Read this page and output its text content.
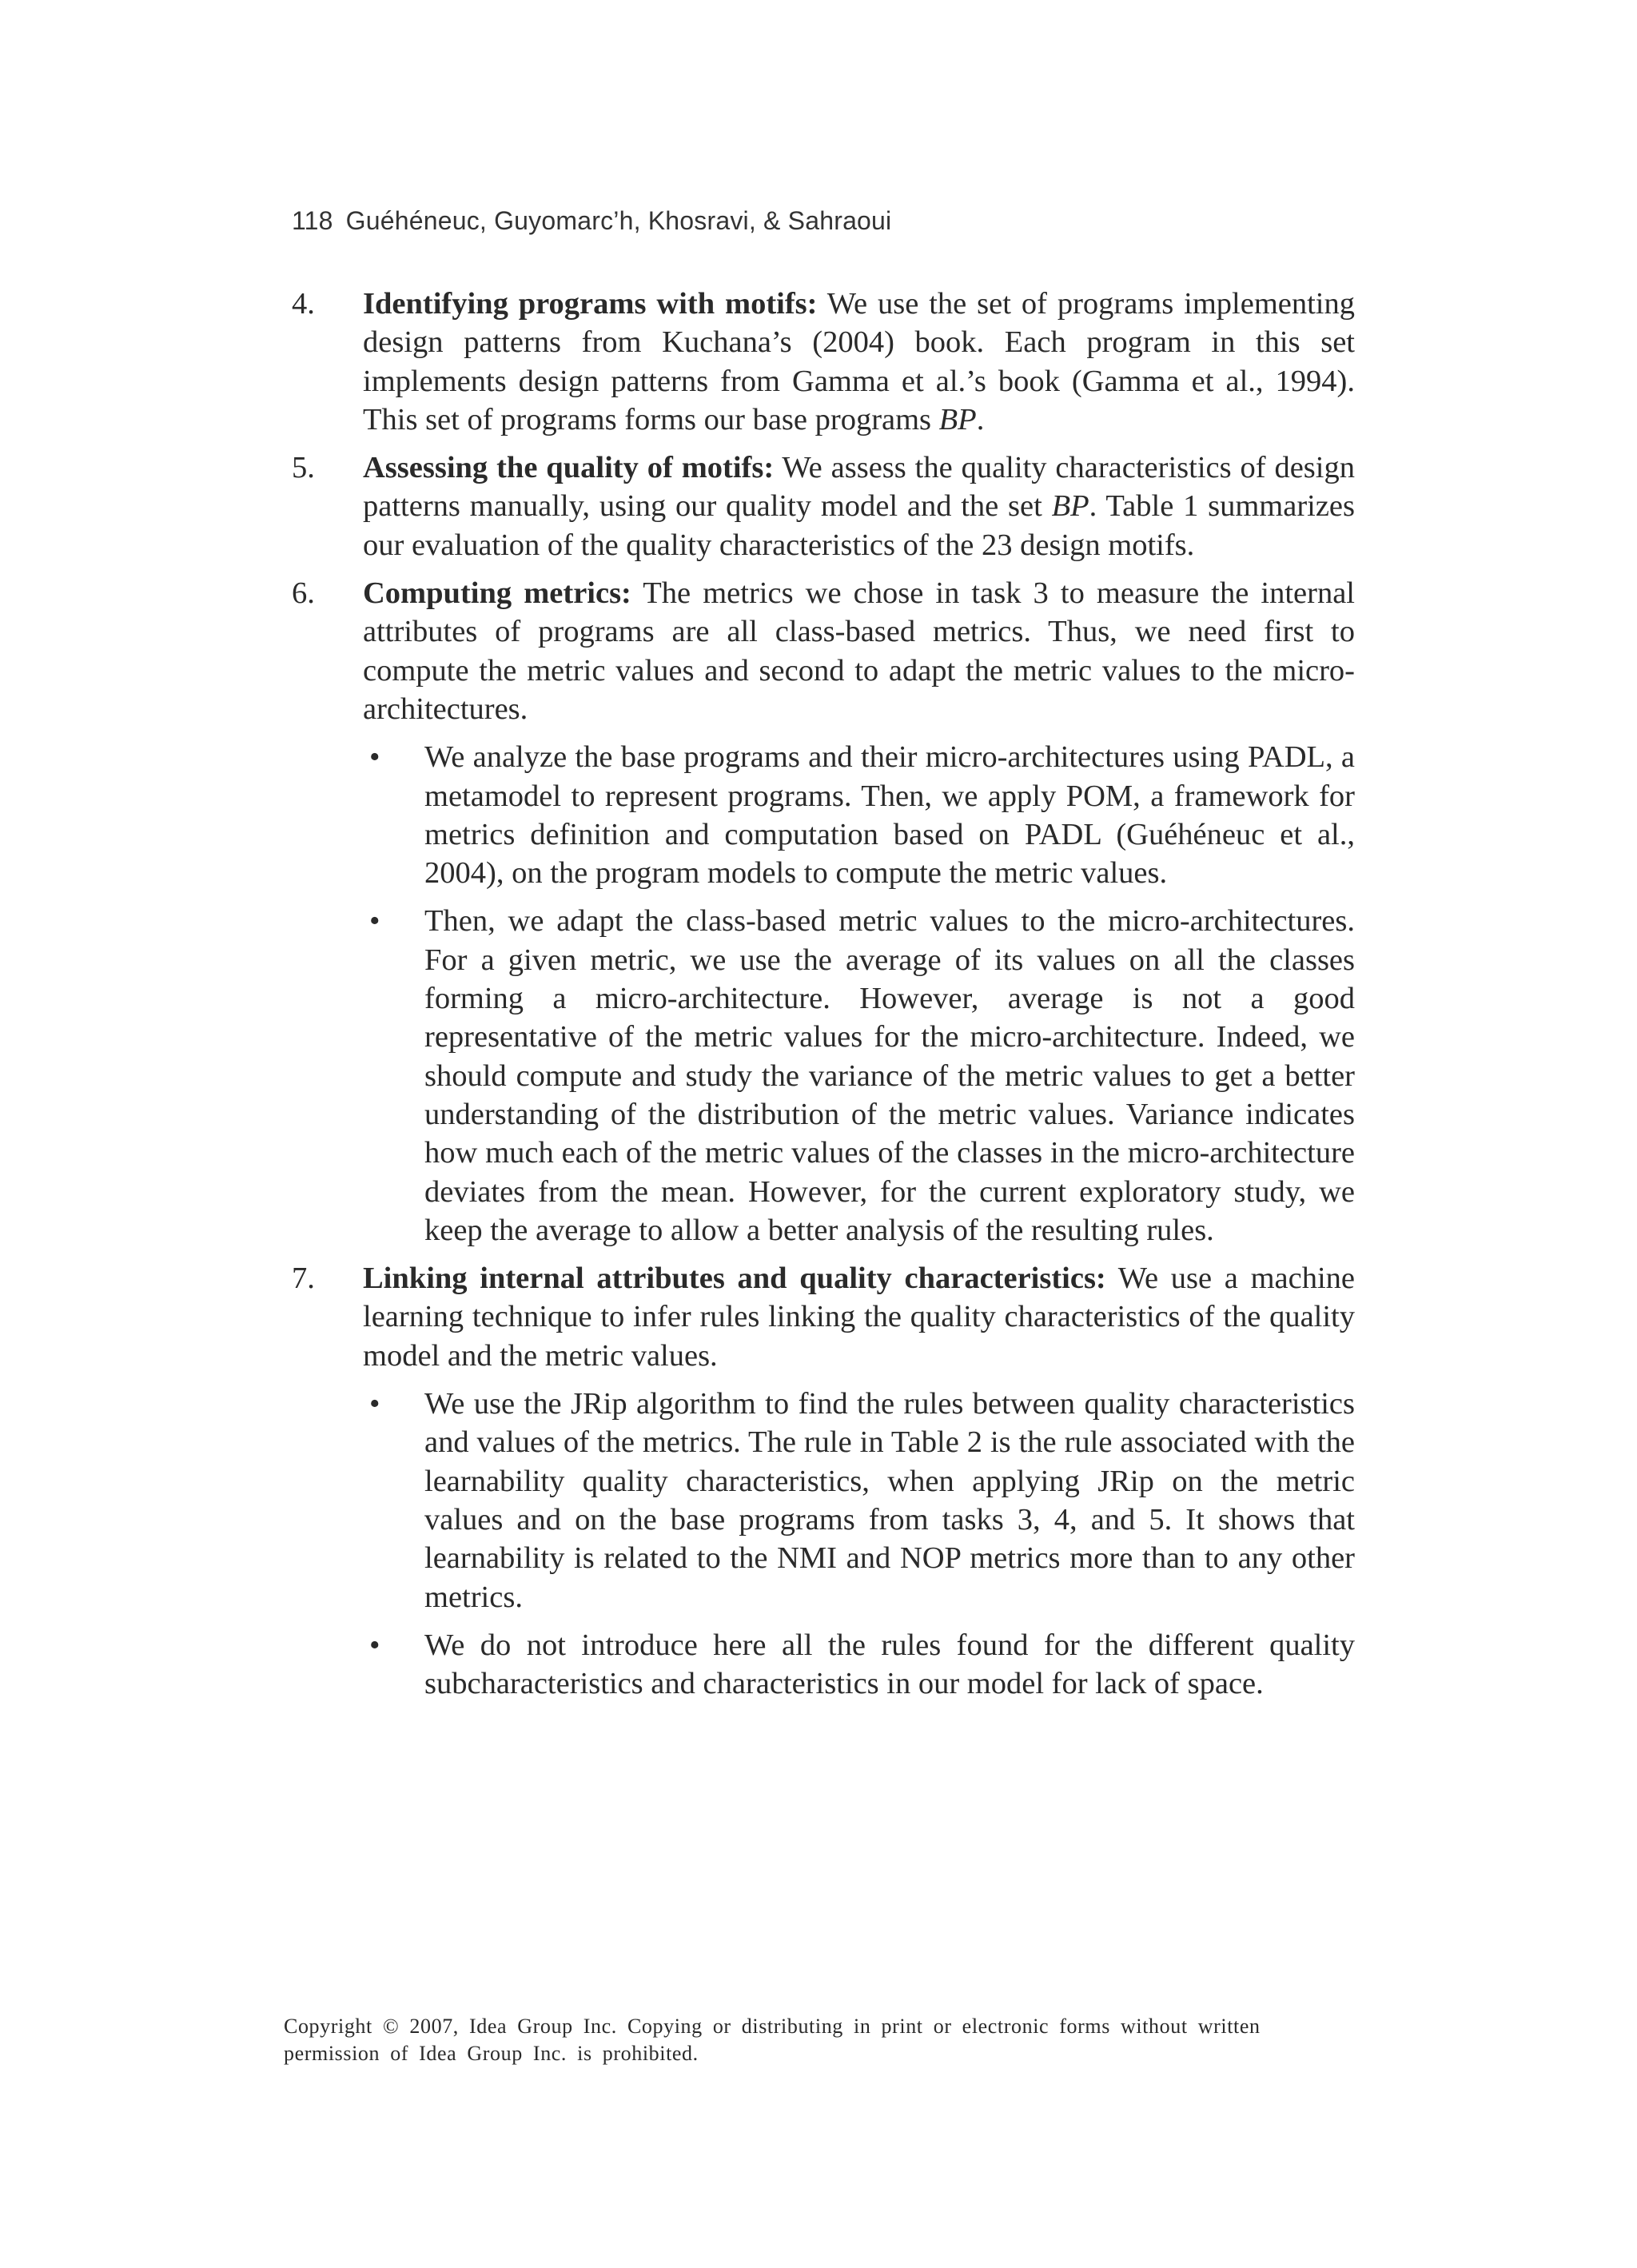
118 Guéhéneuc, Guyomarc’h, Khosravi, & Sahraoui
4. Identifying programs with motifs: We use the set of programs implementing design patterns from Kuchana’s (2004) book. Each program in this set implements design patterns from Gamma et al.’s book (Gamma et al., 1994). This set of programs forms our base programs BP.
5. Assessing the quality of motifs: We assess the quality characteristics of design patterns manually, using our quality model and the set BP. Table 1 summarizes our evaluation of the quality characteristics of the 23 design motifs.
6. Computing metrics: The metrics we chose in task 3 to measure the internal attributes of programs are all class-based metrics. Thus, we need first to compute the metric values and second to adapt the metric values to the micro-architectures.
• We analyze the base programs and their micro-architectures using PADL, a metamodel to represent programs. Then, we apply POM, a framework for metrics definition and computation based on PADL (Guéhéneuc et al., 2004), on the program models to compute the metric values.
• Then, we adapt the class-based metric values to the micro-architectures. For a given metric, we use the average of its values on all the classes forming a micro-architecture. However, average is not a good representative of the metric values for the micro-architecture. Indeed, we should compute and study the variance of the metric values to get a better understanding of the distribution of the metric values. Variance indicates how much each of the metric values of the classes in the micro-architecture deviates from the mean. However, for the current exploratory study, we keep the average to allow a better analysis of the resulting rules.
7. Linking internal attributes and quality characteristics: We use a machine learning technique to infer rules linking the quality characteristics of the quality model and the metric values.
• We use the JRip algorithm to find the rules between quality characteristics and values of the metrics. The rule in Table 2 is the rule associated with the learnability quality characteristics, when applying JRip on the metric values and on the base programs from tasks 3, 4, and 5. It shows that learnability is related to the NMI and NOP metrics more than to any other metrics.
• We do not introduce here all the rules found for the different quality subcharacteristics and characteristics in our model for lack of space.
Copyright © 2007, Idea Group Inc. Copying or distributing in print or electronic forms without written
permission of Idea Group Inc. is prohibited.
